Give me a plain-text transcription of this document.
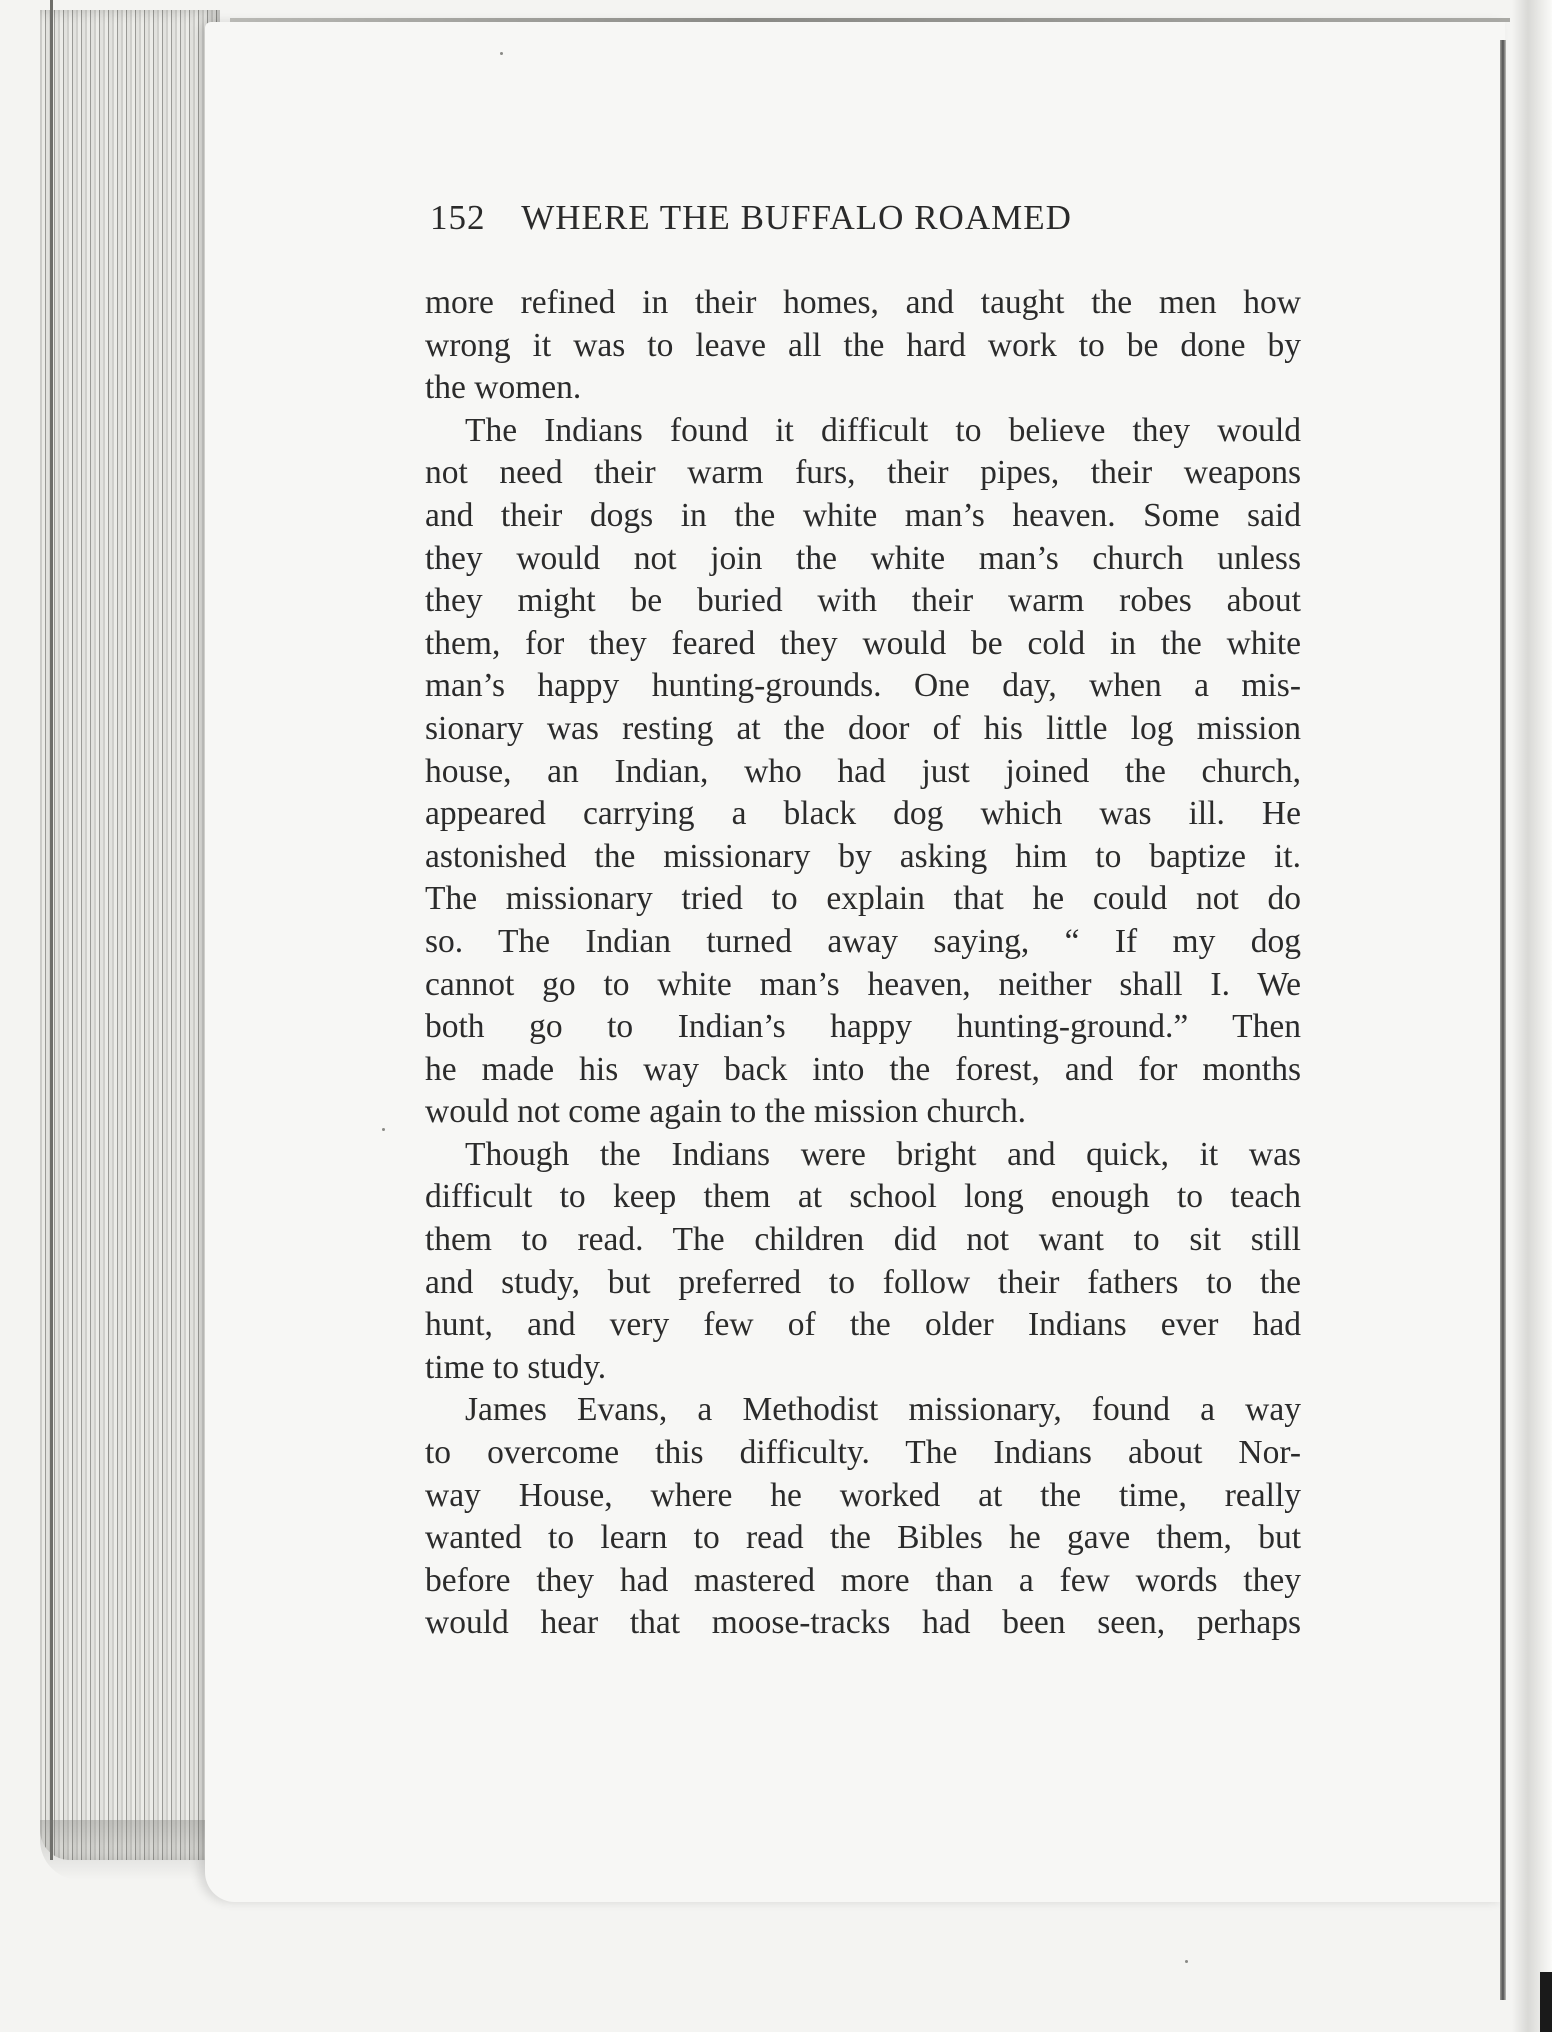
152 WHERE THE BUFFALO ROAMED
more refined in their homes, and taught the men how
wrong it was to leave all the hard work to be done by
the women.
The Indians found it difficult to believe they would
not need their warm furs, their pipes, their weapons
and their dogs in the white man’s heaven. Some said
they would not join the white man’s church unless
they might be buried with their warm robes about
them, for they feared they would be cold in the white
man’s happy hunting-grounds. One day, when a mis-
sionary was resting at the door of his little log mission
house, an Indian, who had just joined the church,
appeared carrying a black dog which was ill. He
astonished the missionary by asking him to baptize it.
The missionary tried to explain that he could not do
so. The Indian turned away saying, “ If my dog
cannot go to white man’s heaven, neither shall I. We
both go to Indian’s happy hunting-ground.” Then
he made his way back into the forest, and for months
would not come again to the mission church.
Though the Indians were bright and quick, it was
difficult to keep them at school long enough to teach
them to read. The children did not want to sit still
and study, but preferred to follow their fathers to the
hunt, and very few of the older Indians ever had
time to study.
James Evans, a Methodist missionary, found a way
to overcome this difficulty. The Indians about Nor-
way House, where he worked at the time, really
wanted to learn to read the Bibles he gave them, but
before they had mastered more than a few words they
would hear that moose-tracks had been seen, perhaps
